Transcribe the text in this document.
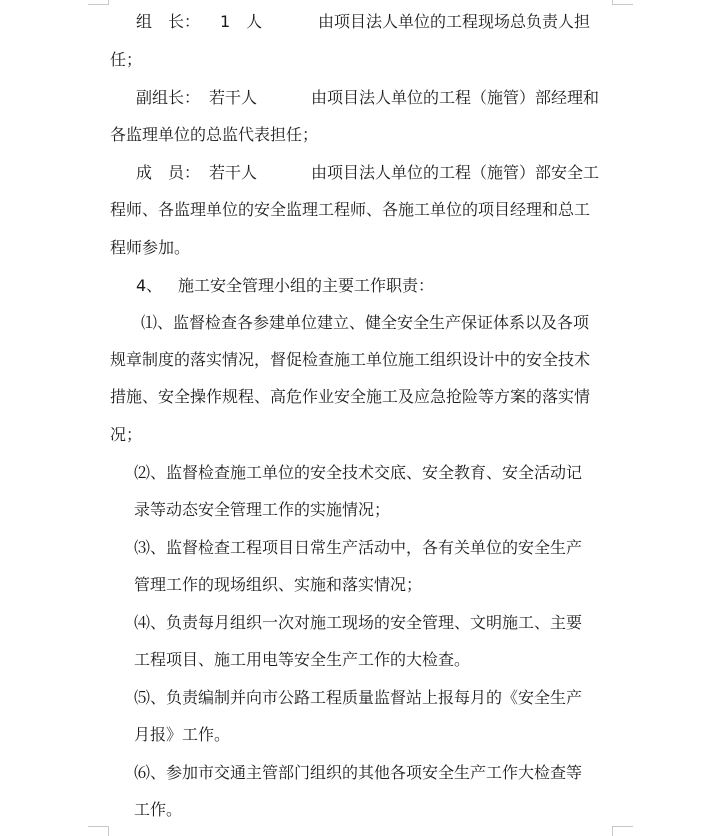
组　长： 1　人	由项目法人单位的工程现场总负责人担
任；
副组长： 若干人	由项目法人单位的工程（施管）部经理和
各监理单位的总监代表担任；
成　员： 若干人	由项目法人单位的工程（施管）部安全工
程师、各监理单位的安全监理工程师、各施工单位的项目经理和总工
程师参加。
4、 施工安全管理小组的主要工作职责：
⑴、监督检查各参建单位建立、健全安全生产保证体系以及各项
规章制度的落实情况，督促检查施工单位施工组织设计中的安全技术
措施、安全操作规程、高危作业安全施工及应急抢险等方案的落实情
况；
⑵、监督检查施工单位的安全技术交底、安全教育、安全活动记
录等动态安全管理工作的实施情况；
⑶、监督检查工程项目日常生产活动中，各有关单位的安全生产
管理工作的现场组织、实施和落实情况；
⑷、负责每月组织一次对施工现场的安全管理、文明施工、主要
工程项目、施工用电等安全生产工作的大检查。
⑸、负责编制并向市公路工程质量监督站上报每月的《安全生产
月报》工作。
⑹、参加市交通主管部门组织的其他各项安全生产工作大检查等
工作。
